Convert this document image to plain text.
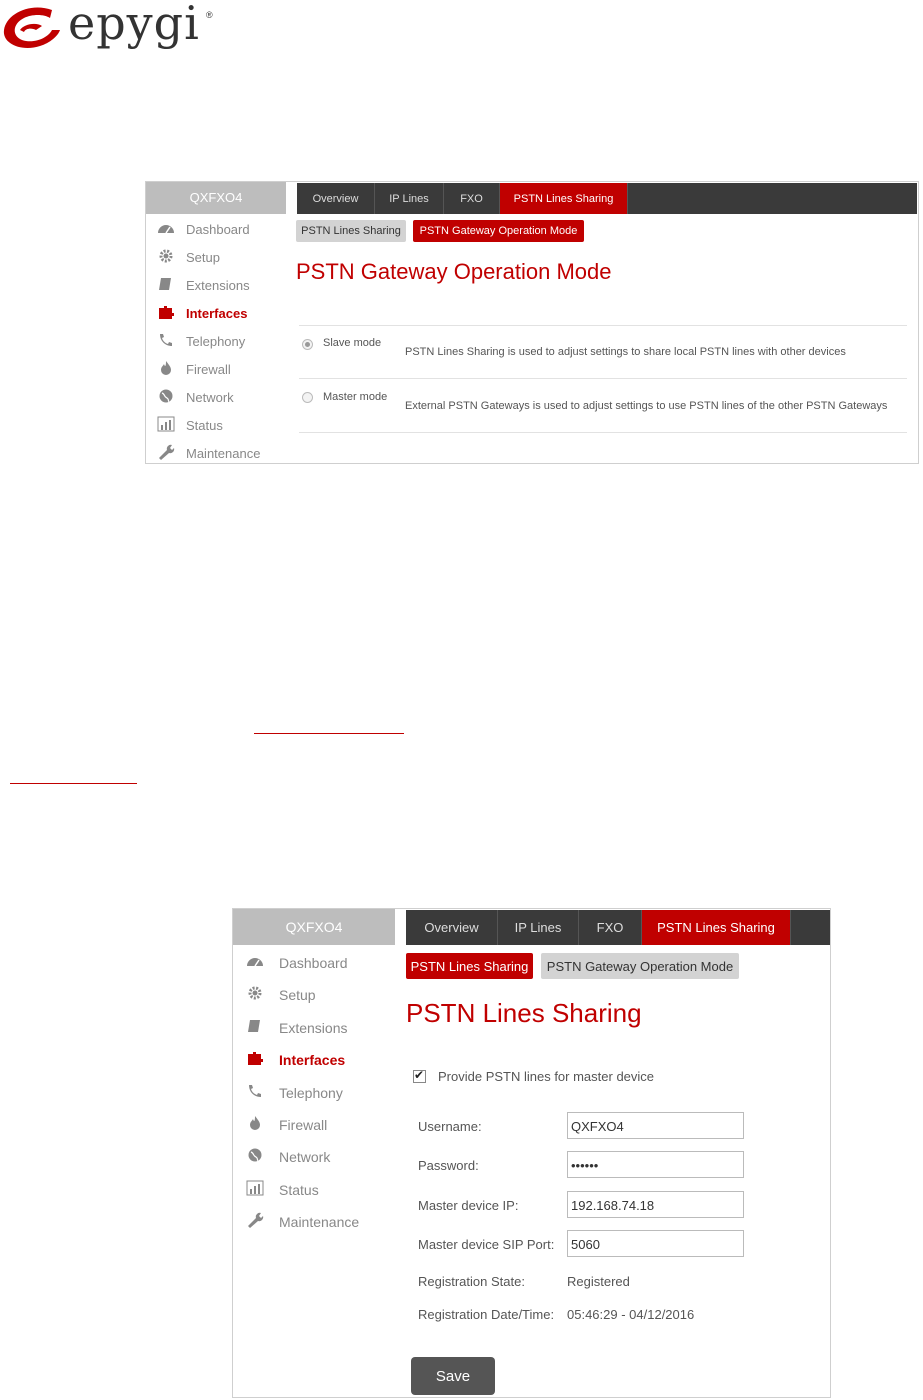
epygi ®
QXFXO4
Dashboard
Setup
Extensions
Interfaces
Telephony
Firewall
Network
Status
Maintenance
Overview	IP Lines	FXO	PSTN Lines Sharing
PSTN Lines Sharing	PSTN Gateway Operation Mode
PSTN Gateway Operation Mode
Slave mode
PSTN Lines Sharing is used to adjust settings to share local PSTN lines with other devices
Master mode
External PSTN Gateways is used to adjust settings to use PSTN lines of the other PSTN Gateways
QXFXO4
Dashboard
Setup
Extensions
Interfaces
Telephony
Firewall
Network
Status
Maintenance
Overview	IP Lines	FXO	PSTN Lines Sharing
PSTN Lines Sharing	PSTN Gateway Operation Mode
PSTN Lines Sharing
✔ Provide PSTN lines for master device
Username:	QXFXO4
Password:	••••••
Master device IP:	192.168.74.18
Master device SIP Port:	5060
Registration State:	Registered
Registration Date/Time: 05:46:29 - 04/12/2016
Save
